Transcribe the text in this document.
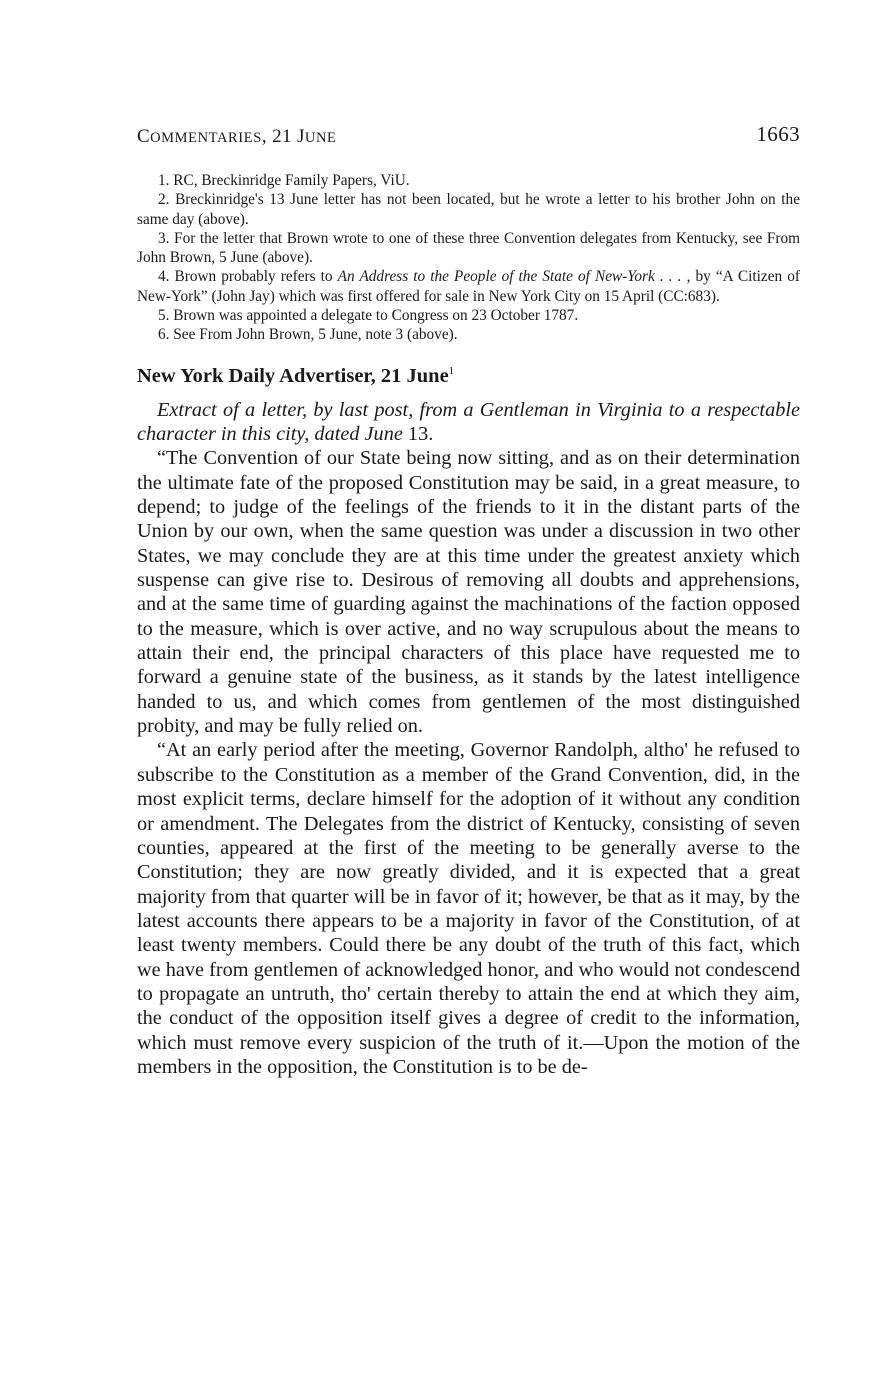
COMMENTARIES, 21 JUNE	1663

1. RC, Breckinridge Family Papers, ViU.

2. Breckinridge's 13 June letter has not been located, but he wrote a letter to his brother John on the same day (above).

3. For the letter that Brown wrote to one of these three Convention delegates from Kentucky, see From John Brown, 5 June (above).

4. Brown probably refers to An Address to the People of the State of New-York . . . , by “A Citizen of New-York” (John Jay) which was first offered for sale in New York City on 15 April (CC:683).

5. Brown was appointed a delegate to Congress on 23 October 1787.

6. See From John Brown, 5 June, note 3 (above).

New York Daily Advertiser, 21 June$^1$

Extract of a letter, by last post, from a Gentleman in Virginia to a respectable character in this city, dated June 13.

“The Convention of our State being now sitting, and as on their determination the ultimate fate of the proposed Constitution may be said, in a great measure, to depend; to judge of the feelings of the friends to it in the distant parts of the Union by our own, when the same question was under a discussion in two other States, we may conclude they are at this time under the greatest anxiety which suspense can give rise to. Desirous of removing all doubts and apprehensions, and at the same time of guarding against the machinations of the faction opposed to the measure, which is over active, and no way scrupulous about the means to attain their end, the principal characters of this place have requested me to forward a genuine state of the business, as it stands by the latest intelligence handed to us, and which comes from gentlemen of the most distinguished probity, and may be fully relied on.

“At an early period after the meeting, Governor Randolph, altho' he refused to subscribe to the Constitution as a member of the Grand Convention, did, in the most explicit terms, declare himself for the adoption of it without any condition or amendment. The Delegates from the district of Kentucky, consisting of seven counties, appeared at the first of the meeting to be generally averse to the Constitution; they are now greatly divided, and it is expected that a great majority from that quarter will be in favor of it; however, be that as it may, by the latest accounts there appears to be a majority in favor of the Constitution, of at least twenty members. Could there be any doubt of the truth of this fact, which we have from gentlemen of acknowledged honor, and who would not condescend to propagate an untruth, tho' certain thereby to attain the end at which they aim, the conduct of the opposition itself gives a degree of credit to the information, which must remove every suspicion of the truth of it.—Upon the motion of the members in the opposition, the Constitution is to be de-
